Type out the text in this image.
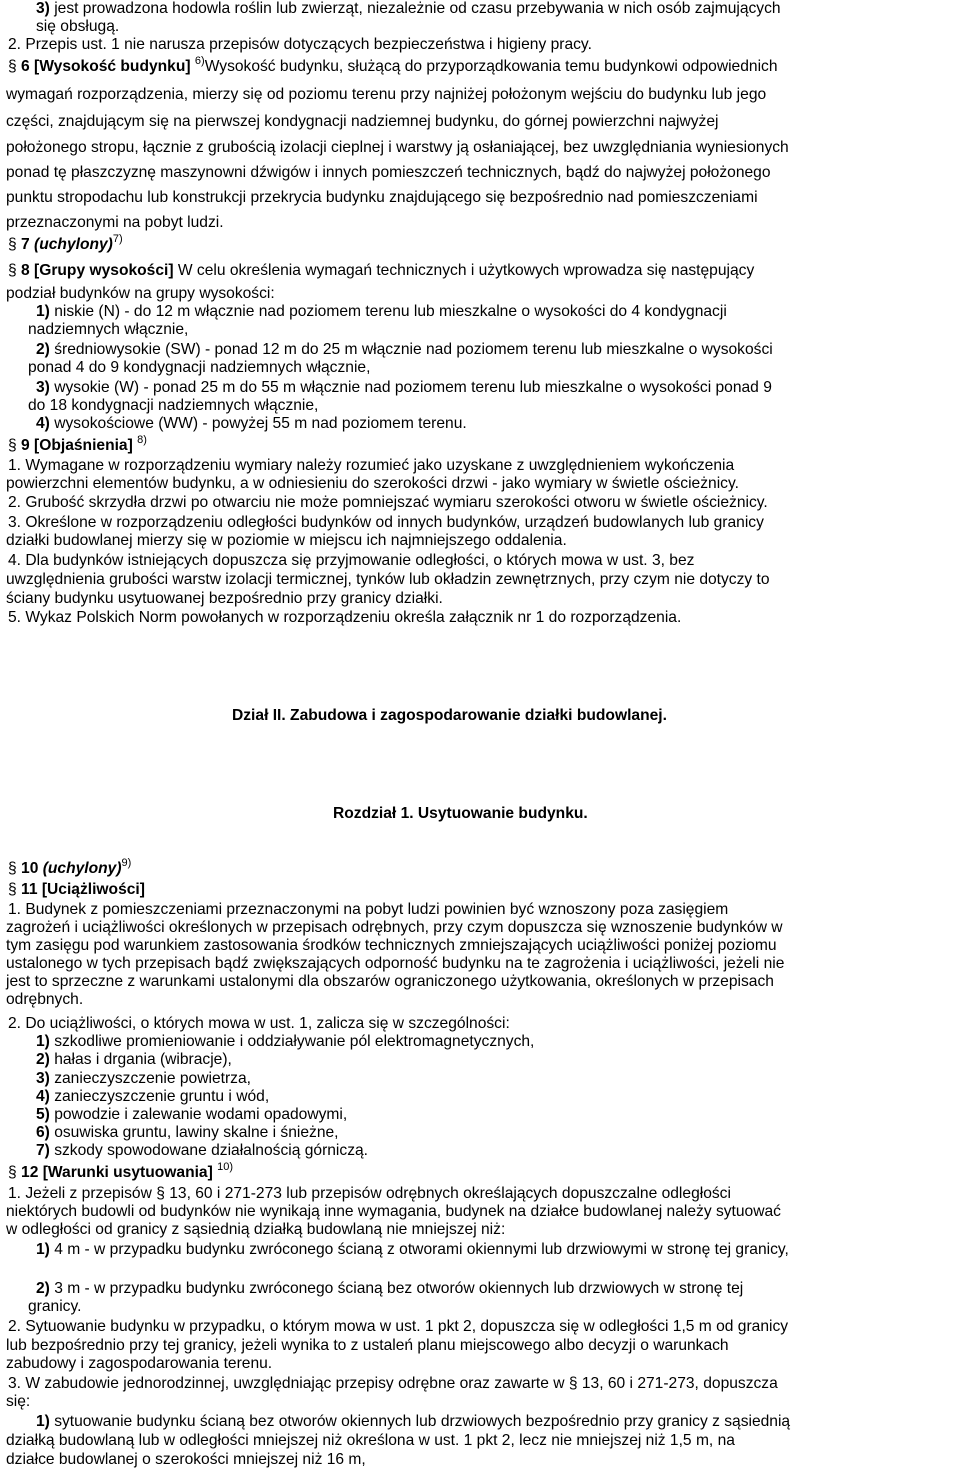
3) jest prowadzona hodowla roślin lub zwierząt, niezależnie od czasu przebywania w nich osób zajmujących
się obsługą.
2. Przepis ust. 1 nie narusza przepisów dotyczących bezpieczeństwa i higieny pracy.
§ 6 [Wysokość budynku] $^{6)}$Wysokość budynku, służącą do przyporządkowania temu budynkowi odpowiednich
wymagań rozporządzenia, mierzy się od poziomu terenu przy najniżej położonym wejściu do budynku lub jego
części, znajdującym się na pierwszej kondygnacji nadziemnej budynku, do górnej powierzchni najwyżej
położonego stropu, łącznie z grubością izolacji cieplnej i warstwy ją osłaniającej, bez uwzględniania wyniesionych
ponad tę płaszczyznę maszynowni dźwigów i innych pomieszczeń technicznych, bądź do najwyżej położonego
punktu stropodachu lub konstrukcji przekrycia budynku znajdującego się bezpośrednio nad pomieszczeniami
przeznaczonymi na pobyt ludzi.
§ 7 (uchylony)$^{7)}$
§ 8 [Grupy wysokości] W celu określenia wymagań technicznych i użytkowych wprowadza się następujący
podział budynków na grupy wysokości:
1) niskie (N) - do 12 m włącznie nad poziomem terenu lub mieszkalne o wysokości do 4 kondygnacji
nadziemnych włącznie,
2) średniowysokie (SW) - ponad 12 m do 25 m włącznie nad poziomem terenu lub mieszkalne o wysokości
ponad 4 do 9 kondygnacji nadziemnych włącznie,
3) wysokie (W) - ponad 25 m do 55 m włącznie nad poziomem terenu lub mieszkalne o wysokości ponad 9
do 18 kondygnacji nadziemnych włącznie,
4) wysokościowe (WW) - powyżej 55 m nad poziomem terenu.
§ 9 [Objaśnienia] $^{8)}$
1. Wymagane w rozporządzeniu wymiary należy rozumieć jako uzyskane z uwzględnieniem wykończenia
powierzchni elementów budynku, a w odniesieniu do szerokości drzwi - jako wymiary w świetle ościeżnicy.
2. Grubość skrzydła drzwi po otwarciu nie może pomniejszać wymiaru szerokości otworu w świetle ościeżnicy.
3. Określone w rozporządzeniu odległości budynków od innych budynków, urządzeń budowlanych lub granicy
działki budowlanej mierzy się w poziomie w miejscu ich najmniejszego oddalenia.
4. Dla budynków istniejących dopuszcza się przyjmowanie odległości, o których mowa w ust. 3, bez
uwzględnienia grubości warstw izolacji termicznej, tynków lub okładzin zewnętrznych, przy czym nie dotyczy to
ściany budynku usytuowanej bezpośrednio przy granicy działki.
5. Wykaz Polskich Norm powołanych w rozporządzeniu określa załącznik nr 1 do rozporządzenia.
§ 10 (uchylony)$^{9)}$
§ 11 [Uciążliwości]
1. Budynek z pomieszczeniami przeznaczonymi na pobyt ludzi powinien być wznoszony poza zasięgiem
zagrożeń i uciążliwości określonych w przepisach odrębnych, przy czym dopuszcza się wznoszenie budynków w
tym zasięgu pod warunkiem zastosowania środków technicznych zmniejszających uciążliwości poniżej poziomu
ustalonego w tych przepisach bądź zwiększających odporność budynku na te zagrożenia i uciążliwości, jeżeli nie
jest to sprzeczne z warunkami ustalonymi dla obszarów ograniczonego użytkowania, określonych w przepisach
odrębnych.
2. Do uciążliwości, o których mowa w ust. 1, zalicza się w szczególności:
1) szkodliwe promieniowanie i oddziaływanie pól elektromagnetycznych,
2) hałas i drgania (wibracje),
3) zanieczyszczenie powietrza,
4) zanieczyszczenie gruntu i wód,
5) powodzie i zalewanie wodami opadowymi,
6) osuwiska gruntu, lawiny skalne i śnieżne,
7) szkody spowodowane działalnością górniczą.
§ 12 [Warunki usytuowania] $^{10)}$
1. Jeżeli z przepisów § 13, 60 i 271-273 lub przepisów odrębnych określających dopuszczalne odległości
niektórych budowli od budynków nie wynikają inne wymagania, budynek na działce budowlanej należy sytuować
w odległości od granicy z sąsiednią działką budowlaną nie mniejszej niż:
1) 4 m - w przypadku budynku zwróconego ścianą z otworami okiennymi lub drzwiowymi w stronę tej granicy,
2) 3 m - w przypadku budynku zwróconego ścianą bez otworów okiennych lub drzwiowych w stronę tej
granicy.
2. Sytuowanie budynku w przypadku, o którym mowa w ust. 1 pkt 2, dopuszcza się w odległości 1,5 m od granicy
lub bezpośrednio przy tej granicy, jeżeli wynika to z ustaleń planu miejscowego albo decyzji o warunkach
zabudowy i zagospodarowania terenu.
3. W zabudowie jednorodzinnej, uwzględniając przepisy odrębne oraz zawarte w § 13, 60 i 271-273, dopuszcza
się:
1) sytuowanie budynku ścianą bez otworów okiennych lub drzwiowych bezpośrednio przy granicy z sąsiednią
działką budowlaną lub w odległości mniejszej niż określona w ust. 1 pkt 2, lecz nie mniejszej niż 1,5 m, na
działce budowlanej o szerokości mniejszej niż 16 m,
Dział II. Zabudowa i zagospodarowanie działki budowlanej.
Rozdział 1. Usytuowanie budynku.
